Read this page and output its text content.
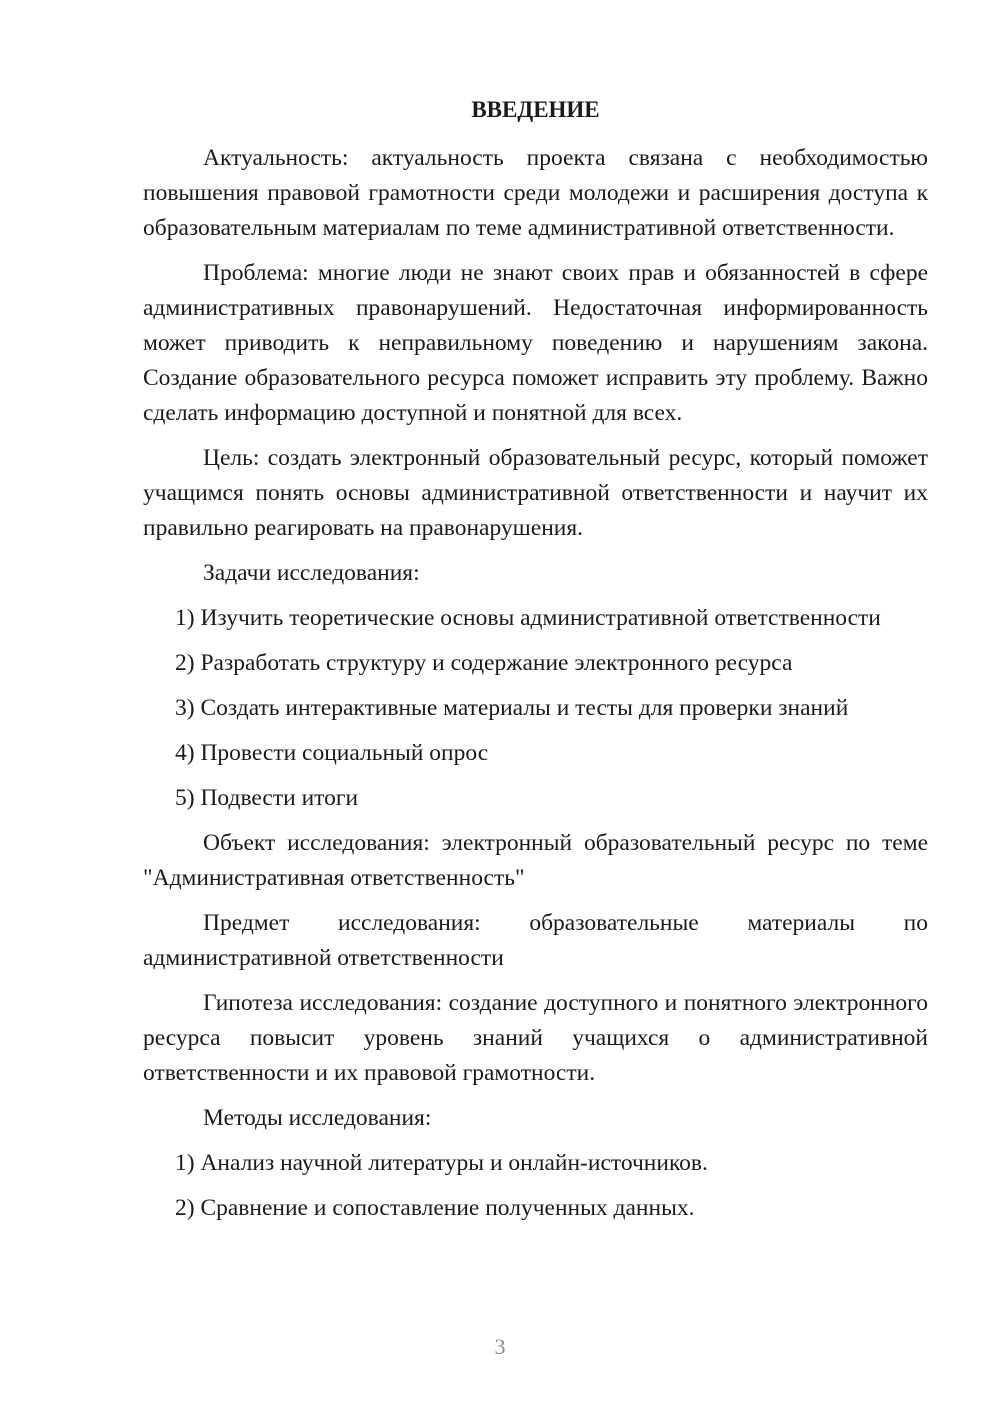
ВВЕДЕНИЕ
Актуальность: актуальность проекта связана с необходимостью повышения правовой грамотности среди молодежи и расширения доступа к образовательным материалам по теме административной ответственности.
Проблема: многие люди не знают своих прав и обязанностей в сфере административных правонарушений. Недостаточная информированность может приводить к неправильному поведению и нарушениям закона. Создание образовательного ресурса поможет исправить эту проблему. Важно сделать информацию доступной и понятной для всех.
Цель: создать электронный образовательный ресурс, который поможет учащимся понять основы административной ответственности и научит их правильно реагировать на правонарушения.
Задачи исследования:
1) Изучить теоретические основы административной ответственности
2) Разработать структуру и содержание электронного ресурса
3) Создать интерактивные материалы и тесты для проверки знаний
4) Провести социальный опрос
5) Подвести итоги
Объект исследования: электронный образовательный ресурс по теме "Административная ответственность"
Предмет исследования: образовательные материалы по административной ответственности
Гипотеза исследования: создание доступного и понятного электронного ресурса повысит уровень знаний учащихся о административной ответственности и их правовой грамотности.
Методы исследования:
1) Анализ научной литературы и онлайн-источников.
2) Сравнение и сопоставление полученных данных.
3
